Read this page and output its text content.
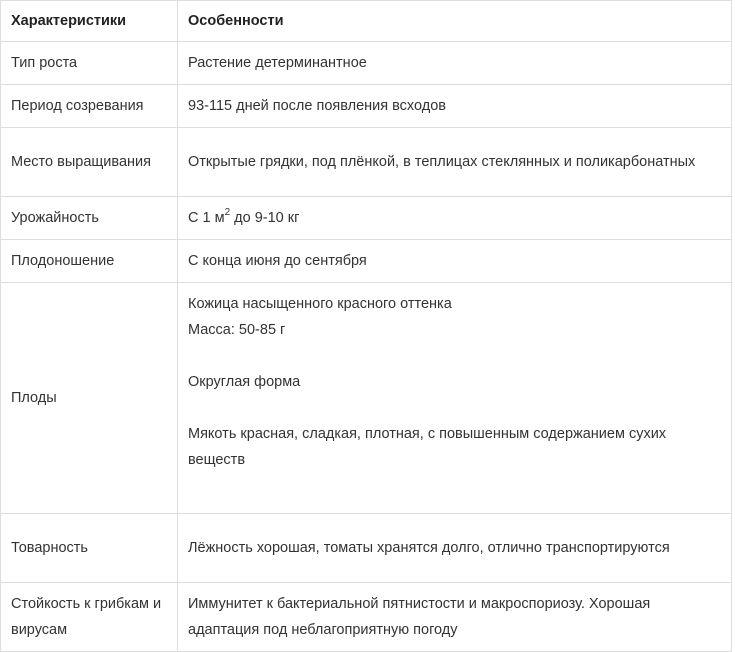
Характеристики	Особенности
Тип роста	Растение детерминантное
Период созревания	93-115 дней после появления всходов
Место выращивания	Открытые грядки, под плёнкой, в теплицах стеклянных и поликарбонатных
Урожайность	С 1 $м^2$ до 9-10 кг
Плодоношение	С конца июня до сентября
Плоды	Кожица насыщенного красного оттенка
Масса: 50-85 г
Округлая форма
Мякоть красная, сладкая, плотная, с повышенным содержанием сухих веществ

Товарность	Лёжность хорошая, томаты хранятся долго, отлично транспортируются
Стойкость к грибкам и вирусам	Иммунитет к бактериальной пятнистости и макроспориозу. Хорошая адаптация под неблагоприятную погоду
